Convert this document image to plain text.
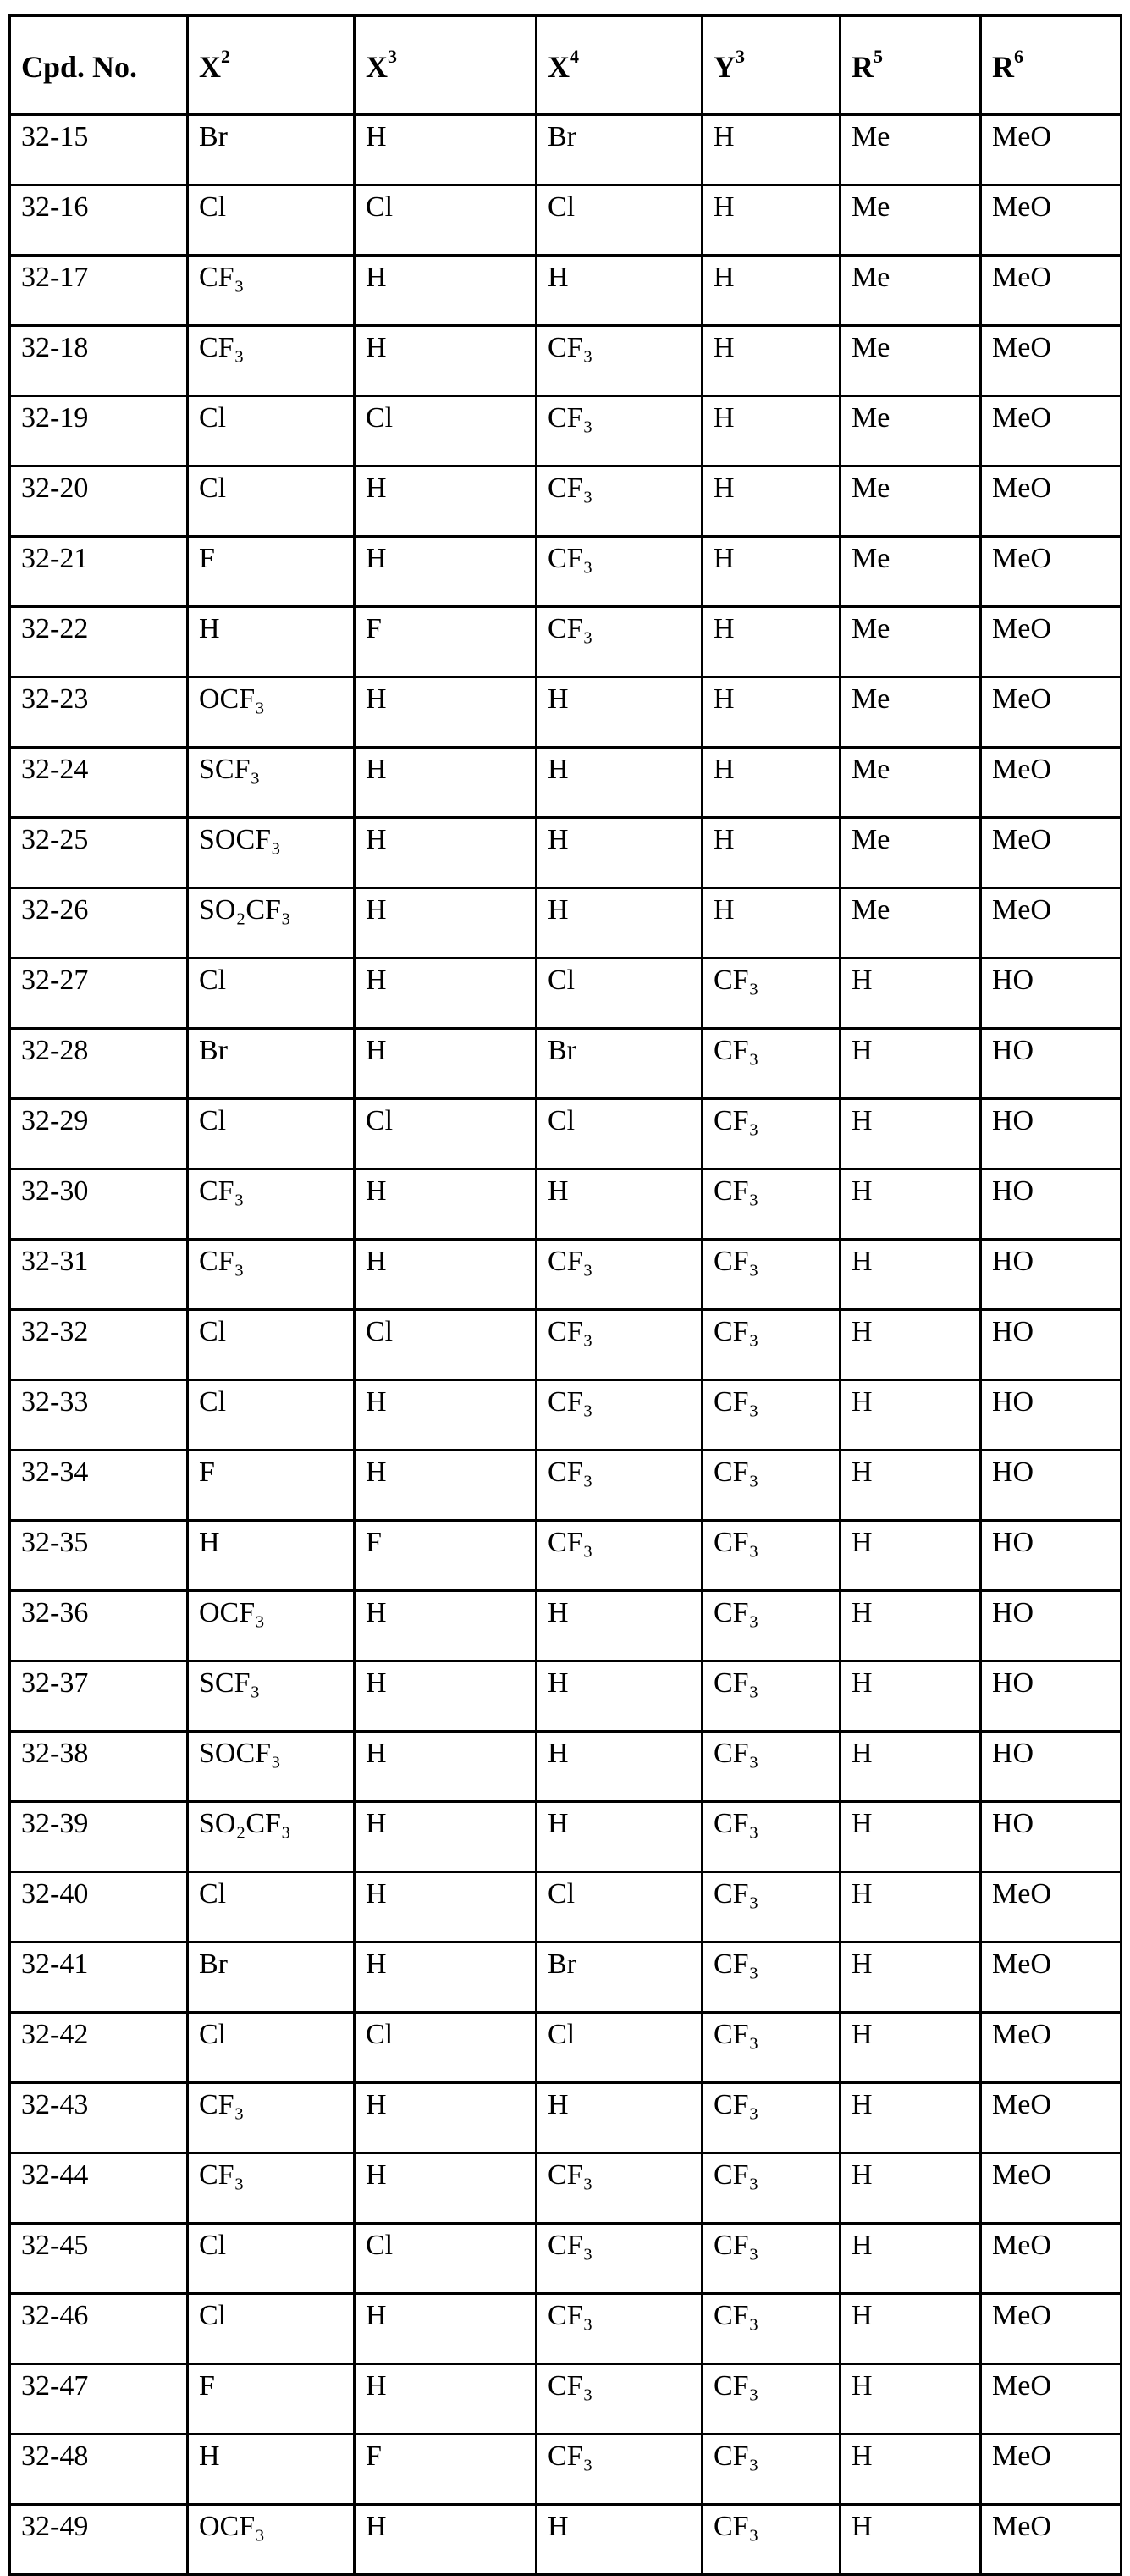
Cpd. No.	X2	X3	X4	Y3	R5	R6
32-15	Br	H	Br	H	Me	MeO
32-16	Cl	Cl	Cl	H	Me	MeO
32-17	CF₃	H	H	H	Me	MeO
32-18	CF₃	H	CF₃	H	Me	MeO
32-19	Cl	Cl	CF₃	H	Me	MeO
32-20	Cl	H	CF₃	H	Me	MeO
32-21	F	H	CF₃	H	Me	MeO
32-22	H	F	CF₃	H	Me	MeO
32-23	OCF₃	H	H	H	Me	MeO
32-24	SCF₃	H	H	H	Me	MeO
32-25	SOCF₃	H	H	H	Me	MeO
32-26	SO₂CF₃	H	H	H	Me	MeO
32-27	Cl	H	Cl	CF₃	H	HO
32-28	Br	H	Br	CF₃	H	HO
32-29	Cl	Cl	Cl	CF₃	H	HO
32-30	CF₃	H	H	CF₃	H	HO
32-31	CF₃	H	CF₃	CF₃	H	HO
32-32	Cl	Cl	CF₃	CF₃	H	HO
32-33	Cl	H	CF₃	CF₃	H	HO
32-34	F	H	CF₃	CF₃	H	HO
32-35	H	F	CF₃	CF₃	H	HO
32-36	OCF₃	H	H	CF₃	H	HO
32-37	SCF₃	H	H	CF₃	H	HO
32-38	SOCF₃	H	H	CF₃	H	HO
32-39	SO₂CF₃	H	H	CF₃	H	HO
32-40	Cl	H	Cl	CF₃	H	MeO
32-41	Br	H	Br	CF₃	H	MeO
32-42	Cl	Cl	Cl	CF₃	H	MeO
32-43	CF₃	H	H	CF₃	H	MeO
32-44	CF₃	H	CF₃	CF₃	H	MeO
32-45	Cl	Cl	CF₃	CF₃	H	MeO
32-46	Cl	H	CF₃	CF₃	H	MeO
32-47	F	H	CF₃	CF₃	H	MeO
32-48	H	F	CF₃	CF₃	H	MeO
32-49	OCF₃	H	H	CF₃	H	MeO
